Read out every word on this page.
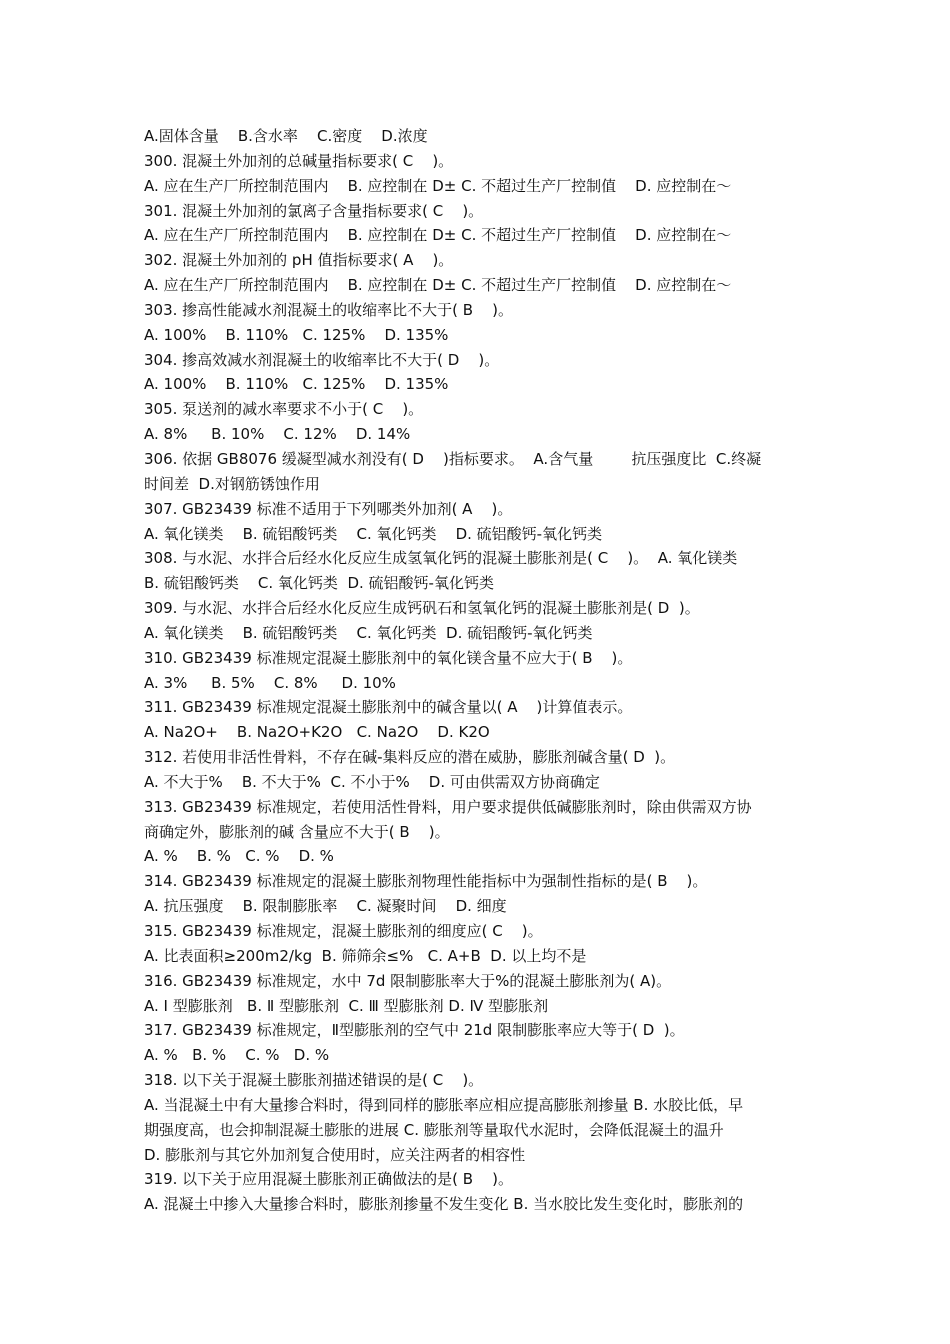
A.固体含量    B.含水率    C.密度    D.浓度
300. 混凝土外加剂的总碱量指标要求( C    )。
A. 应在生产厂所控制范围内    B. 应控制在 D± C. 不超过生产厂控制值    D. 应控制在～
301. 混凝土外加剂的氯离子含量指标要求( C    )。
A. 应在生产厂所控制范围内    B. 应控制在 D± C. 不超过生产厂控制值    D. 应控制在～
302. 混凝土外加剂的 pH 值指标要求( A    )。
A. 应在生产厂所控制范围内    B. 应控制在 D± C. 不超过生产厂控制值    D. 应控制在～
303. 掺高性能减水剂混凝土的收缩率比不大于( B    )。
A. 100%    B. 110%   C. 125%    D. 135%
304. 掺高效减水剂混凝土的收缩率比不大于( D    )。
A. 100%    B. 110%   C. 125%    D. 135%
305. 泵送剂的减水率要求不小于( C    )。
A. 8%     B. 10%    C. 12%    D. 14%
306. 依据 GB8076 缓凝型减水剂没有( D    )指标要求。  A.含气量        抗压强度比  C.终凝
时间差  D.对钢筋锈蚀作用
307. GB23439 标准不适用于下列哪类外加剂( A    )。
A. 氧化镁类    B. 硫铝酸钙类    C. 氧化钙类    D. 硫铝酸钙-氧化钙类
308. 与水泥、水拌合后经水化反应生成氢氧化钙的混凝土膨胀剂是( C    )。  A. 氧化镁类
B. 硫铝酸钙类    C. 氧化钙类  D. 硫铝酸钙-氧化钙类
309. 与水泥、水拌合后经水化反应生成钙矾石和氢氧化钙的混凝土膨胀剂是( D  )。
A. 氧化镁类    B. 硫铝酸钙类    C. 氧化钙类  D. 硫铝酸钙-氧化钙类
310. GB23439 标准规定混凝土膨胀剂中的氧化镁含量不应大于( B    )。
A. 3%     B. 5%    C. 8%     D. 10%
311. GB23439 标准规定混凝土膨胀剂中的碱含量以( A    )计算值表示。
A. Na2O+    B. Na2O+K2O   C. Na2O    D. K2O
312. 若使用非活性骨料，不存在碱-集料反应的潜在威胁，膨胀剂碱含量( D  )。
A. 不大于%    B. 不大于%  C. 不小于%    D. 可由供需双方协商确定
313. GB23439 标准规定，若使用活性骨料，用户要求提供低碱膨胀剂时，除由供需双方协
商确定外，膨胀剂的碱 含量应不大于( B    )。
A. %    B. %   C. %    D. %
314. GB23439 标准规定的混凝土膨胀剂物理性能指标中为强制性指标的是( B    )。
A. 抗压强度    B. 限制膨胀率    C. 凝聚时间    D. 细度
315. GB23439 标准规定，混凝土膨胀剂的细度应( C    )。
A. 比表面积≥200m2/kg  B. 筛筛余≤%   C. A+B  D. 以上均不是
316. GB23439 标准规定，水中 7d 限制膨胀率大于%的混凝土膨胀剂为( A)。
A. Ⅰ 型膨胀剂   B. Ⅱ 型膨胀剂  C. Ⅲ 型膨胀剂 D. Ⅳ 型膨胀剂
317. GB23439 标准规定，Ⅱ型膨胀剂的空气中 21d 限制膨胀率应大等于( D  )。
A. %   B. %    C. %   D. %
318. 以下关于混凝土膨胀剂描述错误的是( C    )。
A. 当混凝土中有大量掺合料时，得到同样的膨胀率应相应提高膨胀剂掺量 B. 水胶比低，早
期强度高，也会抑制混凝土膨胀的进展 C. 膨胀剂等量取代水泥时，会降低混凝土的温升
D. 膨胀剂与其它外加剂复合使用时，应关注两者的相容性
319. 以下关于应用混凝土膨胀剂正确做法的是( B    )。
A. 混凝土中掺入大量掺合料时，膨胀剂掺量不发生变化 B. 当水胶比发生变化时，膨胀剂的
